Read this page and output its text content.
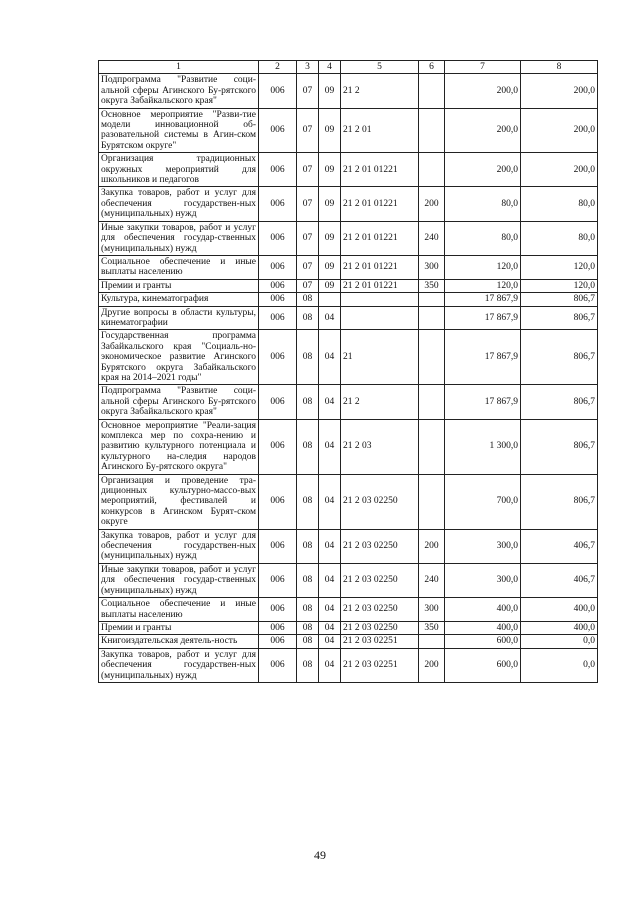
1	2	3	4	5	6	7	8
Подпрограмма "Развитие соци-альной сферы Агинского Бу-рятского округа Забайкальского края"	006	07	09	21 2		200,0	200,0
Основное мероприятие "Разви-тие модели инновационной об-разовательной системы в Агин-ском Бурятском округе"	006	07	09	21 2 01		200,0	200,0
Организация традиционных окружных мероприятий для школьников и педагогов	006	07	09	21 2 01 01221		200,0	200,0
Закупка товаров, работ и услуг для обеспечения государствен-ных (муниципальных) нужд	006	07	09	21 2 01 01221	200	80,0	80,0
Иные закупки товаров, работ и услуг для обеспечения государ-ственных (муниципальных) нужд	006	07	09	21 2 01 01221	240	80,0	80,0
Социальное обеспечение и иные выплаты населению	006	07	09	21 2 01 01221	300	120,0	120,0
Премии и гранты	006	07	09	21 2 01 01221	350	120,0	120,0
Культура, кинематография	006	08				17 867,9	806,7
Другие вопросы в области культуры, кинематографии	006	08	04			17 867,9	806,7
Государственная программа Забайкальского края "Социаль-но-экономическое развитие Агинского Бурятского округа Забайкальского края на 2014–2021 годы"	006	08	04	21		17 867,9	806,7
Подпрограмма "Развитие соци-альной сферы Агинского Бу-рятского округа Забайкальского края"	006	08	04	21 2		17 867,9	806,7
Основное мероприятие "Реали-зация комплекса мер по сохра-нению и развитию культурного потенциала и культурного на-следия народов Агинского Бу-рятского округа"	006	08	04	21 2 03		1 300,0	806,7
Организация и проведение тра-диционных культурно-массо-вых мероприятий, фестивалей и конкурсов в Агинском Бурят-ском округе	006	08	04	21 2 03 02250		700,0	806,7
Закупка товаров, работ и услуг для обеспечения государствен-ных (муниципальных) нужд	006	08	04	21 2 03 02250	200	300,0	406,7
Иные закупки товаров, работ и услуг для обеспечения государ-ственных (муниципальных) нужд	006	08	04	21 2 03 02250	240	300,0	406,7
Социальное обеспечение и иные выплаты населению	006	08	04	21 2 03 02250	300	400,0	400,0
Премии и гранты	006	08	04	21 2 03 02250	350	400,0	400,0
Книгоиздательская деятель-ность	006	08	04	21 2 03 02251		600,0	0,0
Закупка товаров, работ и услуг для обеспечения государствен-ных (муниципальных) нужд	006	08	04	21 2 03 02251	200	600,0	0,0
49
